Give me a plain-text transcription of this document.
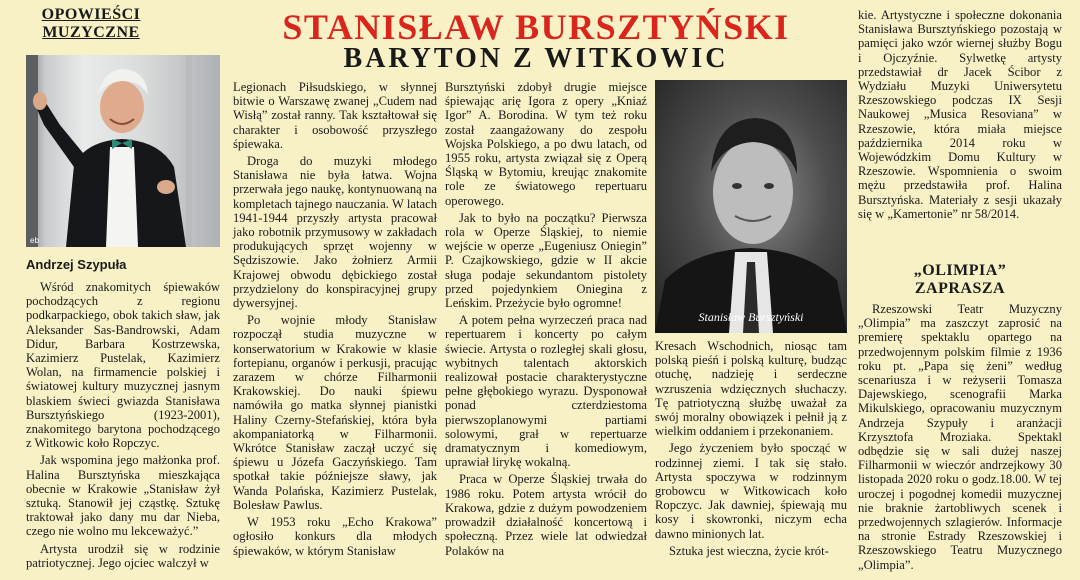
OPOWIEŚCI
MUZYCZNE	STANISŁAW BURSZTYŃSKI
BARYTON Z WITKOWIC
eb
Andrzej Szypuła

Wśród znakomitych śpiewaków pochodzących z regionu podkarpackiego, obok takich sław, jak Aleksander Sas-Bandrowski, Adam Didur, Barbara Kostrzewska, Kazimierz Pustelak, Kazimierz Wolan, na firmamencie polskiej i światowej kultury muzycznej jasnym blaskiem świeci gwiazda Stanisława Bursztyńskiego (1923-2001), znakomitego barytona pochodzącego z Witkowic koło Ropczyc.

Jak wspomina jego małżonka prof. Halina Bursztyńska mieszkająca obecnie w Krakowie „Stanisław żył sztuką. Stanowił jej cząstkę. Sztukę traktował jako dany mu dar Nieba, czego nie wolno mu lekceważyć.”

Artysta urodził się w rodzinie patriotycznej. Jego ojciec walczył w

Legionach Piłsudskiego, w słynnej bitwie o Warszawę zwanej „Cudem nad Wisłą” został ranny. Tak kształtował się charakter i osobowość przyszłego śpiewaka.

Droga do muzyki młodego Stanisława nie była łatwa. Wojna przerwała jego naukę, kontynuowaną na kompletach tajnego nauczania. W latach 1941-1944 przyszły artysta pracował jako robotnik przymusowy w zakładach produkujących sprzęt wojenny w Sędziszowie. Jako żołnierz Armii Krajowej obwodu dębickiego został przydzielony do konspiracyjnej grupy dywersyjnej.

Po wojnie młody Stanisław rozpoczął studia muzyczne w konserwatorium w Krakowie w klasie fortepianu, organów i perkusji, pracując zarazem w chórze Filharmonii Krakowskiej. Do nauki śpiewu namówiła go matka słynnej pianistki Haliny Czerny-Stefańskiej, która była akompaniatorką w Filharmonii. Wkrótce Stanisław zaczął uczyć się śpiewu u Józefa Gaczyńskiego. Tam spotkał takie późniejsze sławy, jak Wanda Polańska, Kazimierz Pustelak, Bolesław Pawlus.

W 1953 roku „Echo Krakowa” ogłosiło konkurs dla młodych śpiewaków, w którym Stanisław

Bursztyński zdobył drugie miejsce śpiewając arię Igora z opery „Kniaź Igor” A. Borodina. W tym też roku został zaangażowany do zespołu Wojska Polskiego, a po dwu latach, od 1955 roku, artysta związał się z Operą Śląską w Bytomiu, kreując znakomite role ze światowego repertuaru operowego.

Jak to było na początku? Pierwsza rola w Operze Śląskiej, to niemie wejście w operze „Eugeniusz Oniegin” P. Czajkowskiego, gdzie w II akcie sługa podaje sekundantom pistolety przed pojedynkiem Oniegina z Leńskim. Przeżycie było ogromne!

A potem pełna wyrzeczeń praca nad repertuarem i koncerty po całym świecie. Artysta o rozległej skali głosu, wybitnych talentach aktorskich realizował postacie charakterystyczne pełne głębokiego wyrazu. Dysponował ponad czterdziestoma pierwszoplanowymi partiami solowymi, grał w repertuarze dramatycznym i komediowym, uprawiał lirykę wokalną.

Praca w Operze Śląskiej trwała do 1986 roku. Potem artysta wrócił do Krakowa, gdzie z dużym powodzeniem prowadził działalność koncertową i społeczną. Przez wiele lat odwiedzał Polaków na

Stanisław Bursztyński

Kresach Wschodnich, niosąc tam polską pieśń i polską kulturę, budząc otuchę, nadzieję i serdeczne wzruszenia wdzięcznych słuchaczy. Tę patriotyczną służbę uważał za swój moralny obowiązek i pełnił ją z wielkim oddaniem i przekonaniem.

Jego życzeniem było spocząć w rodzinnej ziemi. I tak się stało. Artysta spoczywa w rodzinnym grobowcu w Witkowicach koło Ropczyc. Jak dawniej, śpiewają mu kosy i skowronki, niczym echa dawno minionych lat.

Sztuka jest wieczna, życie krót-

kie. Artystyczne i społeczne dokonania Stanisława Bursztyńskiego pozostają w pamięci jako wzór wiernej służby Bogu i Ojczyźnie. Sylwetkę artysty przedstawiał dr Jacek Ścibor z Wydziału Muzyki Uniwersytetu Rzeszowskiego podczas IX Sesji Naukowej „Musica Resoviana” w Rzeszowie, która miała miejsce października 2014 roku w Wojewódzkim Domu Kultury w Rzeszowie. Wspomnienia o swoim mężu przedstawiła prof. Halina Bursztyńska. Materiały z sesji ukazały się w „Kamertonie” nr 58/2014.

„OLIMPIA”
ZAPRASZA

Rzeszowski Teatr Muzyczny „Olimpia” ma zaszczyt zaprosić na premierę spektaklu opartego na przedwojennym polskim filmie z 1936 roku pt. „Papa się żeni” według scenariusza i w reżyserii Tomasza Dajewskiego, scenografii Marka Mikulskiego, opracowaniu muzycznym Andrzeja Szypuły i aranżacji Krzysztofa Mroziaka. Spektakl odbędzie się w sali dużej naszej Filharmonii w wieczór andrzejkowy 30 listopada 2020 roku o godz.18.00. W tej uroczej i pogodnej komedii muzycznej nie braknie żartobliwych scenek i przedwojennych szlagierów. Informacje na stronie Estrady Rzeszowskiej i Rzeszowskiego Teatru Muzycznego „Olimpia”.
